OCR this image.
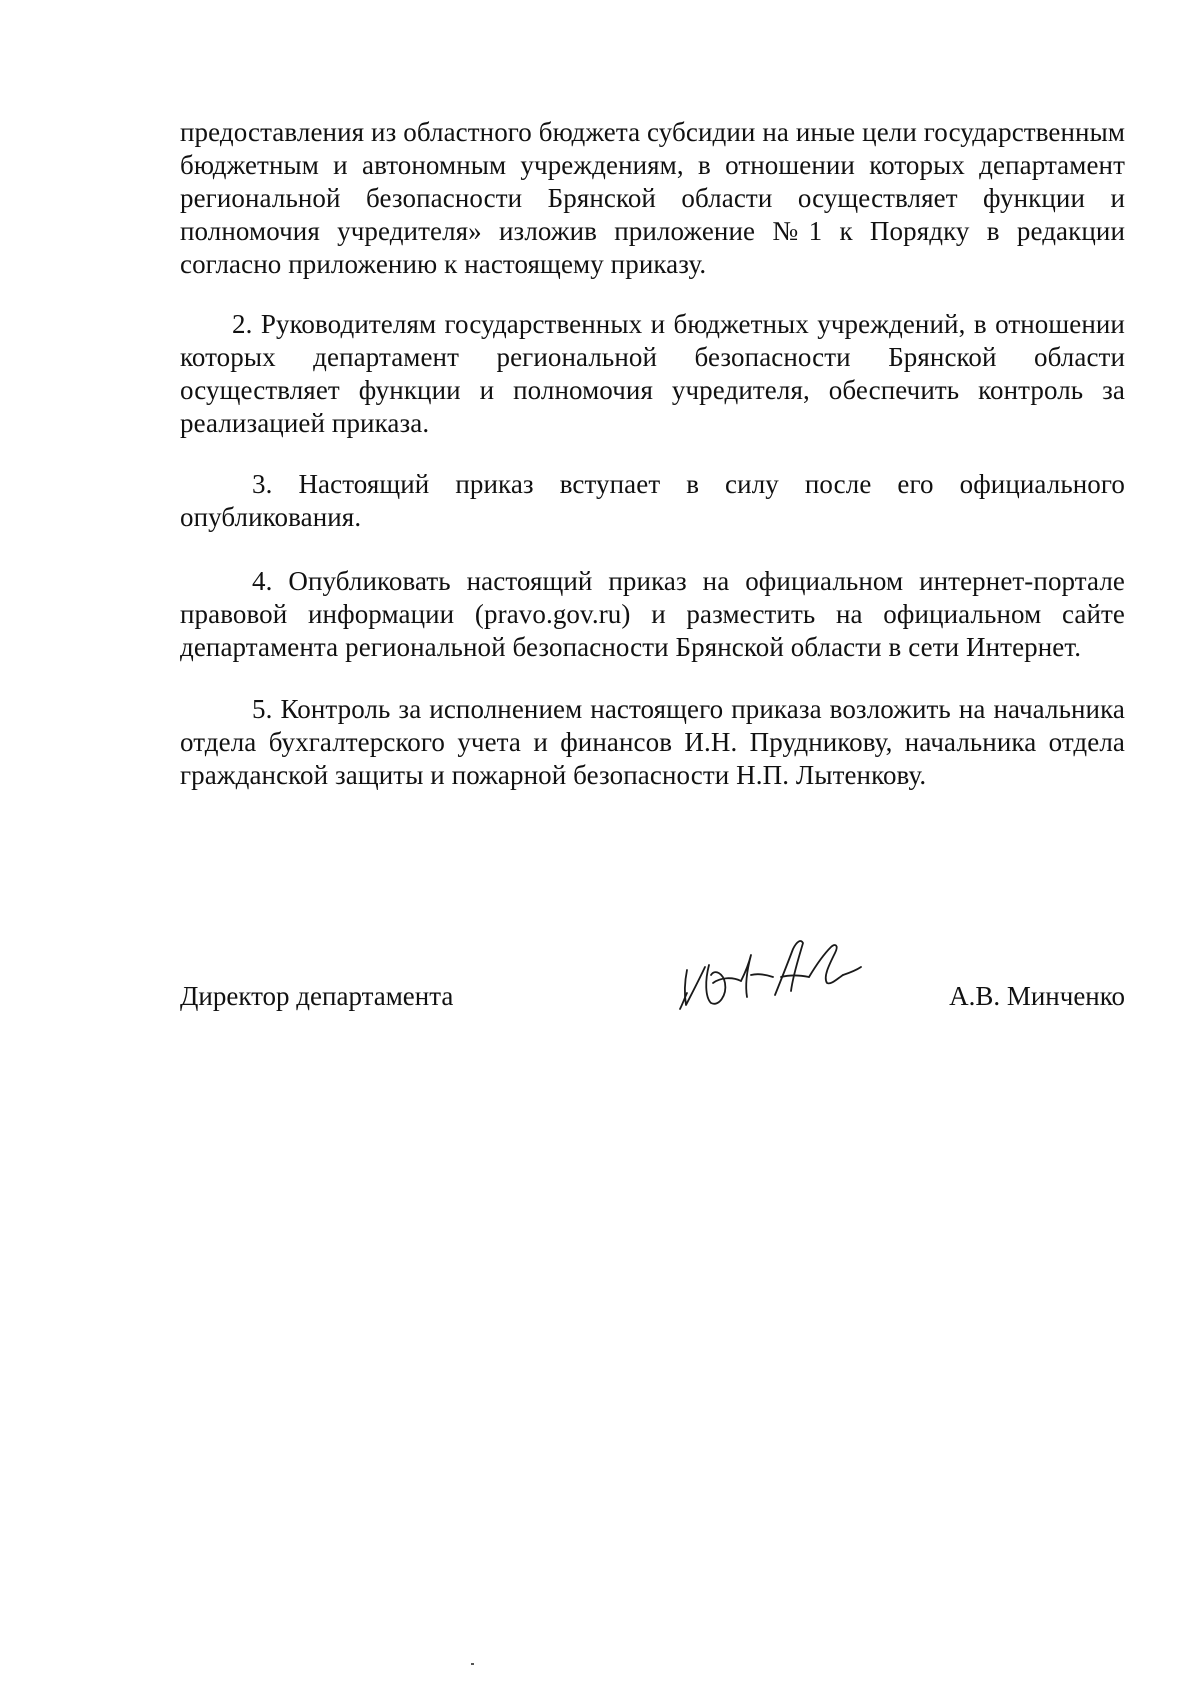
предоставления из областного бюджета субсидии на иные цели государственным бюджетным и автономным учреждениям, в отношении которых департамент региональной безопасности Брянской области осуществляет функции и полномочия учредителя» изложив приложение №1 к Порядку в редакции согласно приложению к настоящему приказу.

2. Руководителям государственных и бюджетных учреждений, в отношении которых департамент региональной безопасности Брянской области осуществляет функции и полномочия учредителя, обеспечить контроль за реализацией приказа.

3. Настоящий приказ вступает в силу после его официального опубликования.

4. Опубликовать настоящий приказ на официальном интернет-портале правовой информации (pravo.gov.ru) и разместить на официальном сайте департамента региональной безопасности Брянской области в сети Интернет.

5. Контроль за исполнением настоящего приказа возложить на начальника отдела бухгалтерского учета и финансов И.Н. Прудникову, начальника отдела гражданской защиты и пожарной безопасности Н.П. Лытенкову.

Директор департамента	А.В. Минченко
